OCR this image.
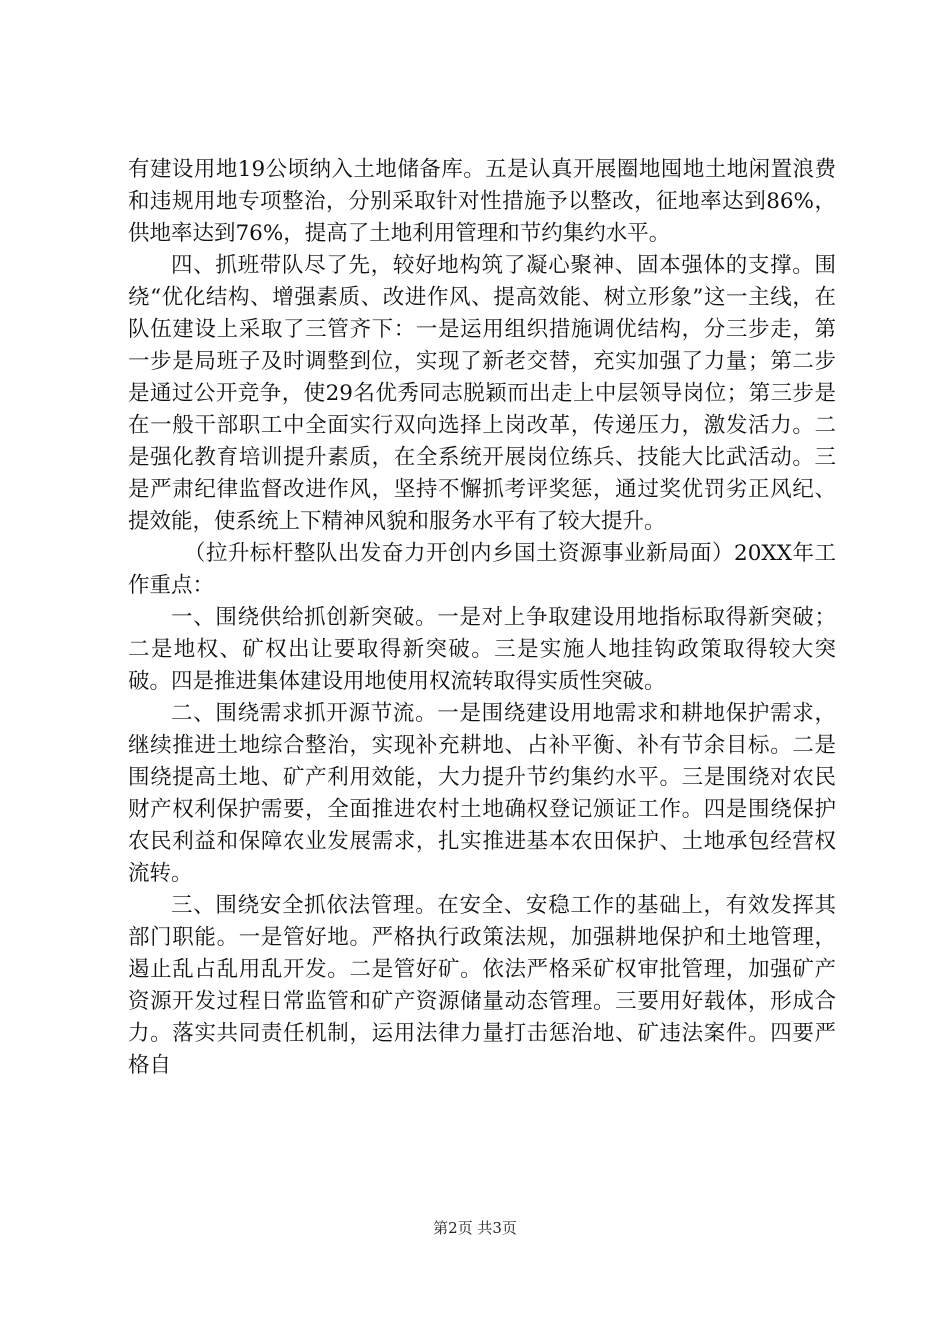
有建设用地19公顷纳入土地储备库。五是认真开展圈地囤地土地闲置浪费和违规用地专项整治，分别采取针对性措施予以整改，征地率达到86%，供地率达到76%，提高了土地利用管理和节约集约水平。

四、抓班带队尽了先，较好地构筑了凝心聚神、固本强体的支撑。围绕“优化结构、增强素质、改进作风、提高效能、树立形象”这一主线，在队伍建设上采取了三管齐下：一是运用组织措施调优结构，分三步走，第一步是局班子及时调整到位，实现了新老交替，充实加强了力量；第二步是通过公开竞争，使29名优秀同志脱颖而出走上中层领导岗位；第三步是在一般干部职工中全面实行双向选择上岗改革，传递压力，激发活力。二是强化教育培训提升素质，在全系统开展岗位练兵、技能大比武活动。三是严肃纪律监督改进作风，坚持不懈抓考评奖惩，通过奖优罚劣正风纪、提效能，使系统上下精神风貌和服务水平有了较大提升。

（拉升标杆整队出发奋力开创内乡国土资源事业新局面）20XX年工作重点：

一、围绕供给抓创新突破。一是对上争取建设用地指标取得新突破；二是地权、矿权出让要取得新突破。三是实施人地挂钩政策取得较大突破。四是推进集体建设用地使用权流转取得实质性突破。

二、围绕需求抓开源节流。一是围绕建设用地需求和耕地保护需求，继续推进土地综合整治，实现补充耕地、占补平衡、补有节余目标。二是围绕提高土地、矿产利用效能，大力提升节约集约水平。三是围绕对农民财产权利保护需要，全面推进农村土地确权登记颁证工作。四是围绕保护农民利益和保障农业发展需求，扎实推进基本农田保护、土地承包经营权流转。

三、围绕安全抓依法管理。在安全、安稳工作的基础上，有效发挥其部门职能。一是管好地。严格执行政策法规，加强耕地保护和土地管理，遏止乱占乱用乱开发。二是管好矿。依法严格采矿权审批管理，加强矿产资源开发过程日常监管和矿产资源储量动态管理。三要用好载体，形成合力。落实共同责任机制，运用法律力量打击惩治地、矿违法案件。四要严格自

第2页 共3页
